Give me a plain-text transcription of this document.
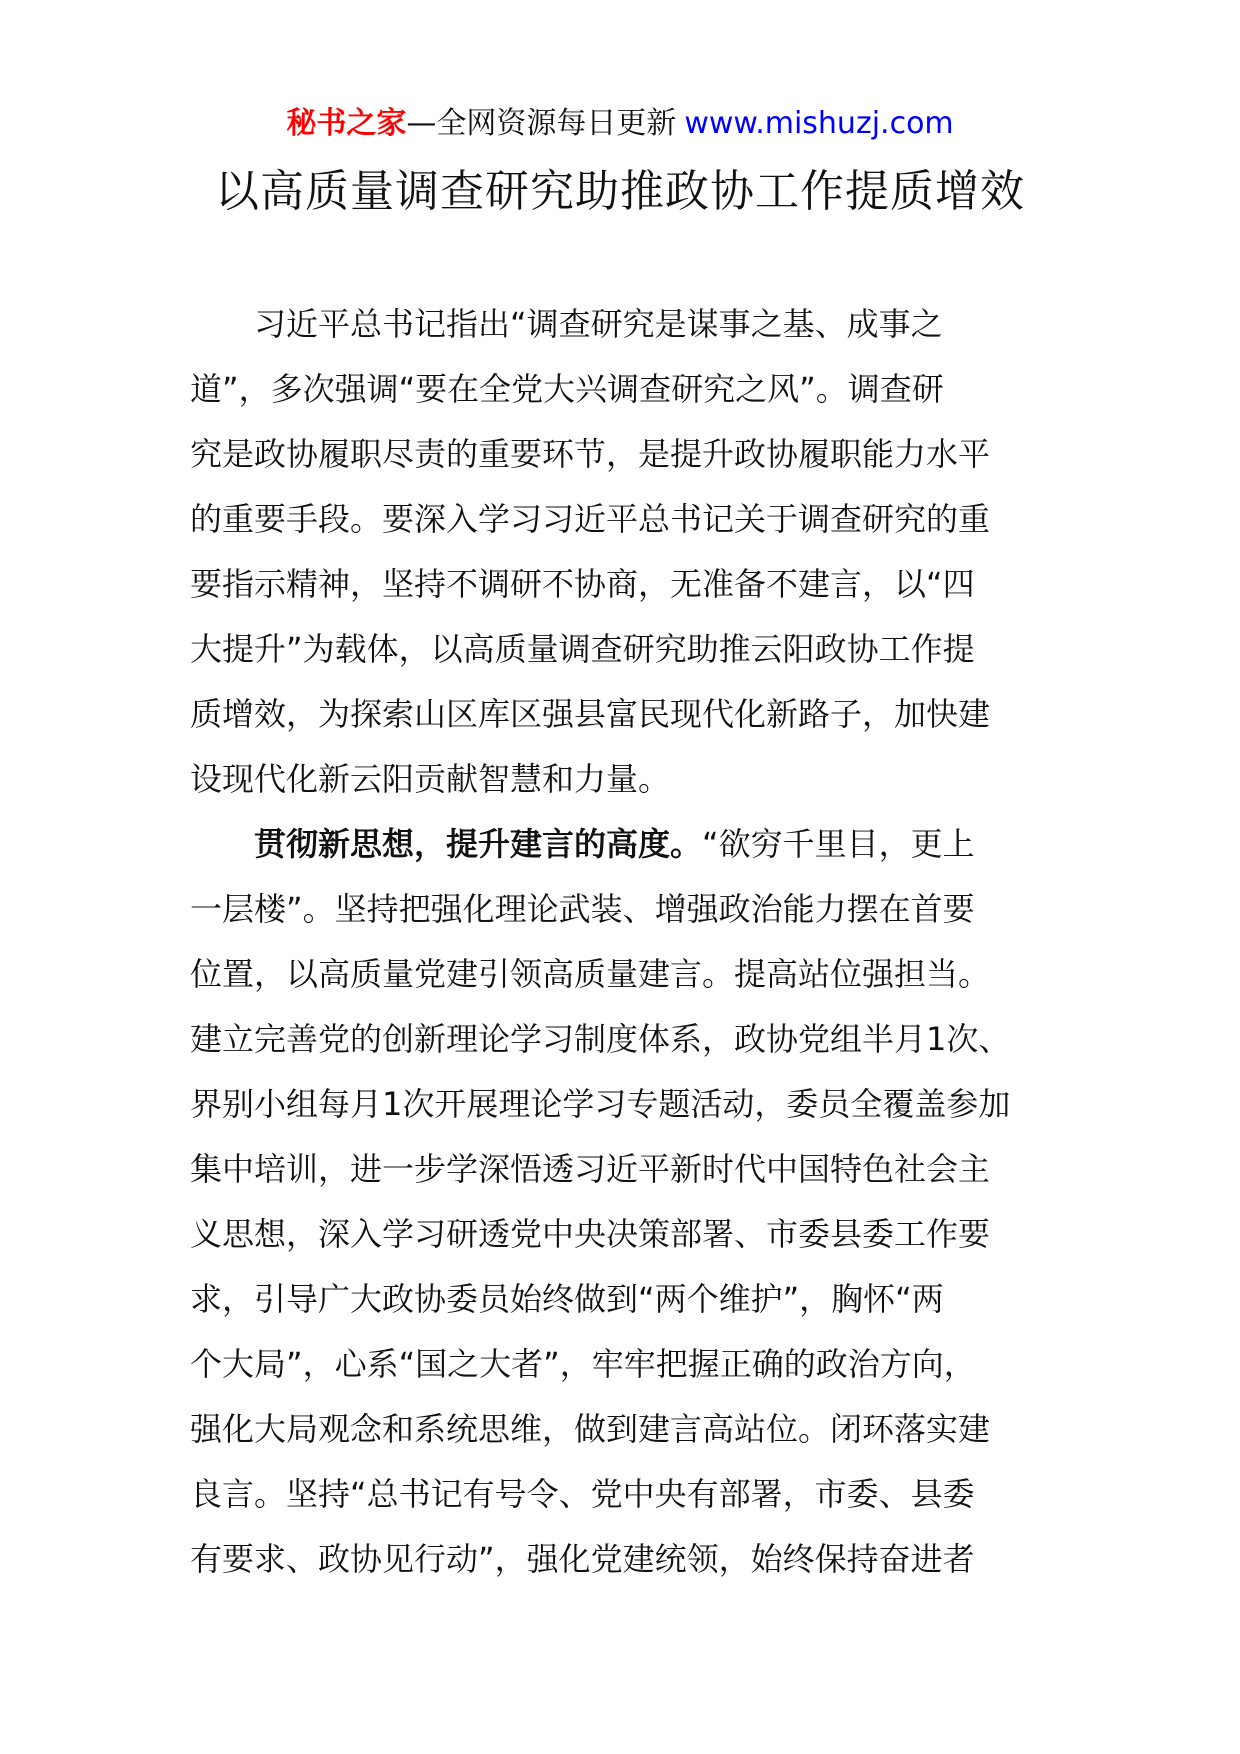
秘书之家—全网资源每日更新 www.mishuzj.com
以高质量调查研究助推政协工作提质增效
习近平总书记指出“调查研究是谋事之基、成事之
道”，多次强调“要在全党大兴调查研究之风”。调查研
究是政协履职尽责的重要环节，是提升政协履职能力水平
的重要手段。要深入学习习近平总书记关于调查研究的重
要指示精神，坚持不调研不协商，无准备不建言，以“四
大提升”为载体，以高质量调查研究助推云阳政协工作提
质增效，为探索山区库区强县富民现代化新路子，加快建
设现代化新云阳贡献智慧和力量。
贯彻新思想，提升建言的高度。“欲穷千里目，更上
一层楼”。坚持把强化理论武装、增强政治能力摆在首要
位置，以高质量党建引领高质量建言。提高站位强担当。
建立完善党的创新理论学习制度体系，政协党组半月1次、
界别小组每月1次开展理论学习专题活动，委员全覆盖参加
集中培训，进一步学深悟透习近平新时代中国特色社会主
义思想，深入学习研透党中央决策部署、市委县委工作要
求，引导广大政协委员始终做到“两个维护”，胸怀“两
个大局”，心系“国之大者”，牢牢把握正确的政治方向，
强化大局观念和系统思维，做到建言高站位。闭环落实建
良言。坚持“总书记有号令、党中央有部署，市委、县委
有要求、政协见行动”，强化党建统领，始终保持奋进者
